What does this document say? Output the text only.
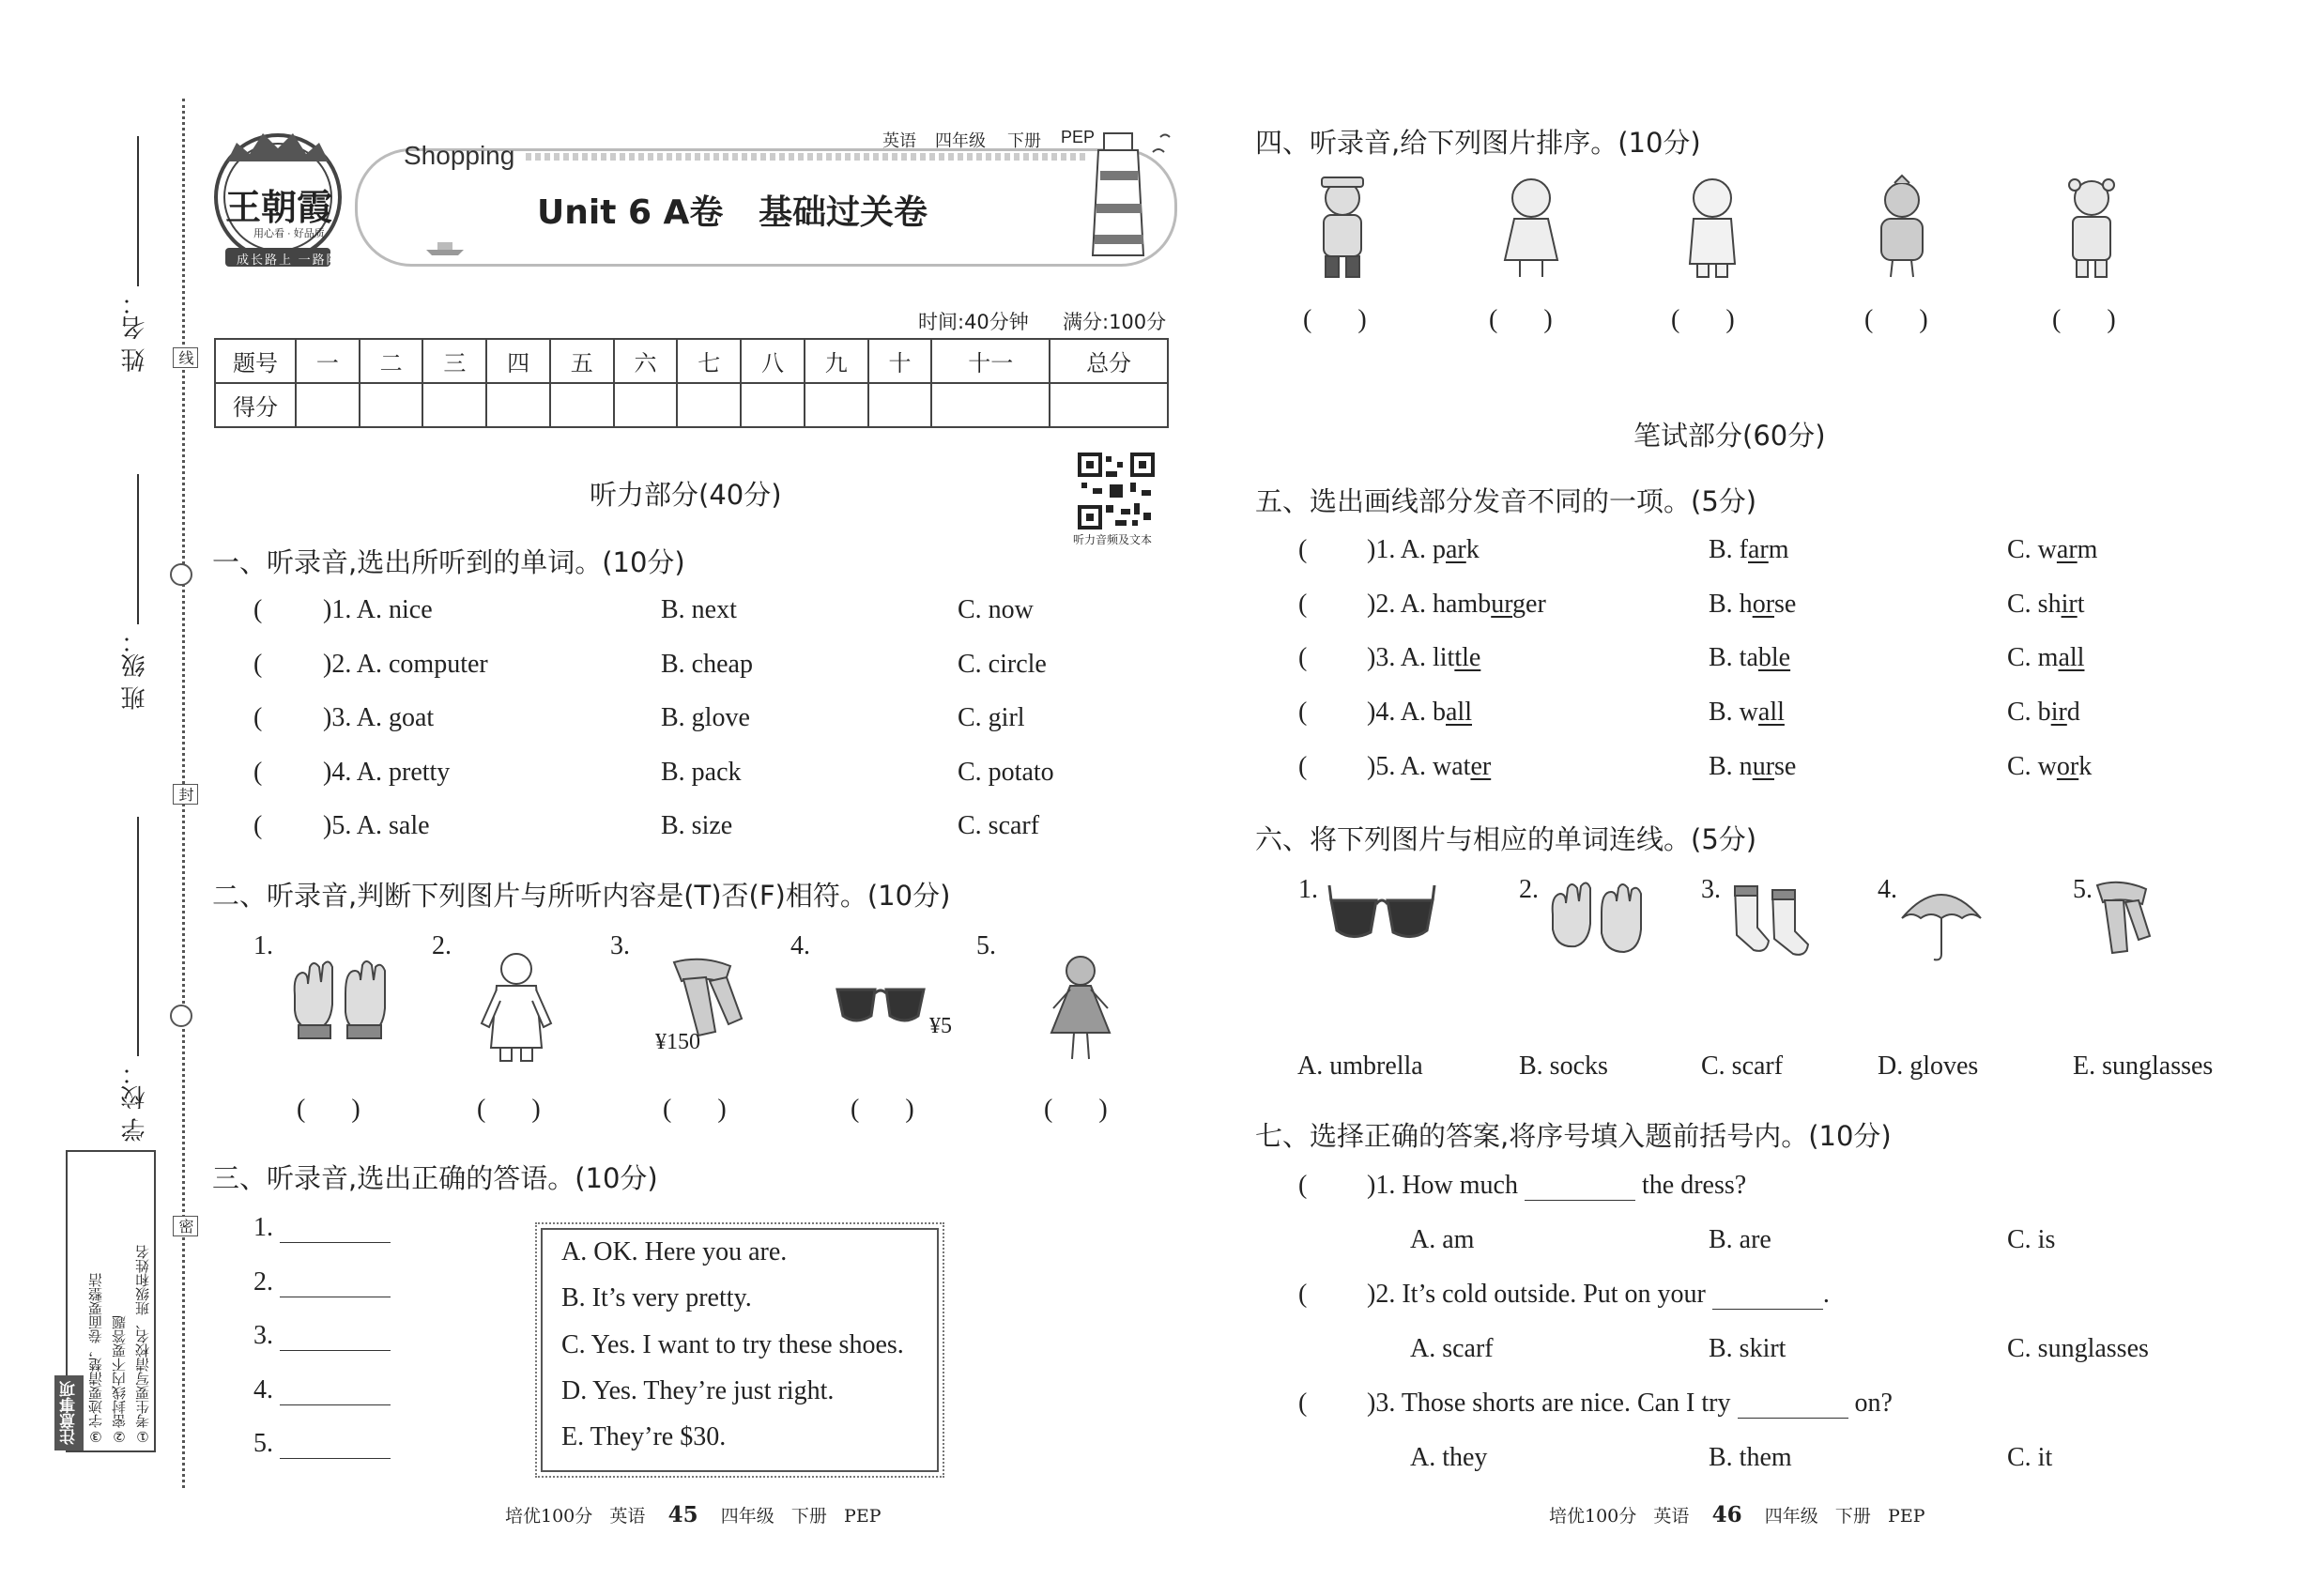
线
封
密
姓 名：
班 级：
学 校：
①考生要写清校名、班级和姓名
②密封线内不要答题
③字迹要清楚，卷面要整洁
注意事项
王朝霞
用心看 · 好品质
成长路上 一路阳光
Shopping
Unit 6 A卷   基础过关卷
英语 四年级 下册 PEP
时间:40分钟 满分:100分
题号	一	二	三	四	五	六	七	八	九	十	十一	总分
得分												
听力部分(40分)
听力音频及文本
一、听录音,选出所听到的单词。(10分)
( )1. A. nice	B. next	C. now
( )2. A. computer	B. cheap	C. circle
( )3. A. goat	B. glove	C. girl
( )4. A. pretty	B. pack	C. potato
( )5. A. sale	B. size	C. scarf
二、听录音,判断下列图片与所听内容是(T)否(F)相符。(10分)
1.	2.	3.	4.	5.
¥150
¥5
(       )	(       )	(       )	(       )	(       )
三、听录音,选出正确的答语。(10分)
1.
2.
3.
4.
5.
A. OK. Here you are.
B. It’s very pretty.
C. Yes. I want to try these shoes.
D. Yes. They’re just right.
E. They’re $30.
四、听录音,给下列图片排序。(10分)
(       )	(       )	(       )	(       )	(       )
笔试部分(60分)
五、选出画线部分发音不同的一项。(5分)
( )1. A. park	B. farm	C. warm
( )2. A. hamburger	B. horse	C. shirt
( )3. A. little	B. table	C. mall
( )4. A. ball	B. wall	C. bird
( )5. A. water	B. nurse	C. work
六、将下列图片与相应的单词连线。(5分)
1.	2.	3.	4.	5.
A. umbrella	B. socks	C. scarf	D. gloves	E. sunglasses
七、选择正确的答案,将序号填入题前括号内。(10分)
( )1. How much	the dress?
A. am	B. are	C. is
( )2. It’s cold outside. Put on your	.
A. scarf	B. skirt	C. sunglasses
( )3. Those shorts are nice. Can I try	on?
A. they	B. them	C. it
培优100分 英语 45 四年级 下册 PEP	培优100分 英语 46 四年级 下册 PEP
